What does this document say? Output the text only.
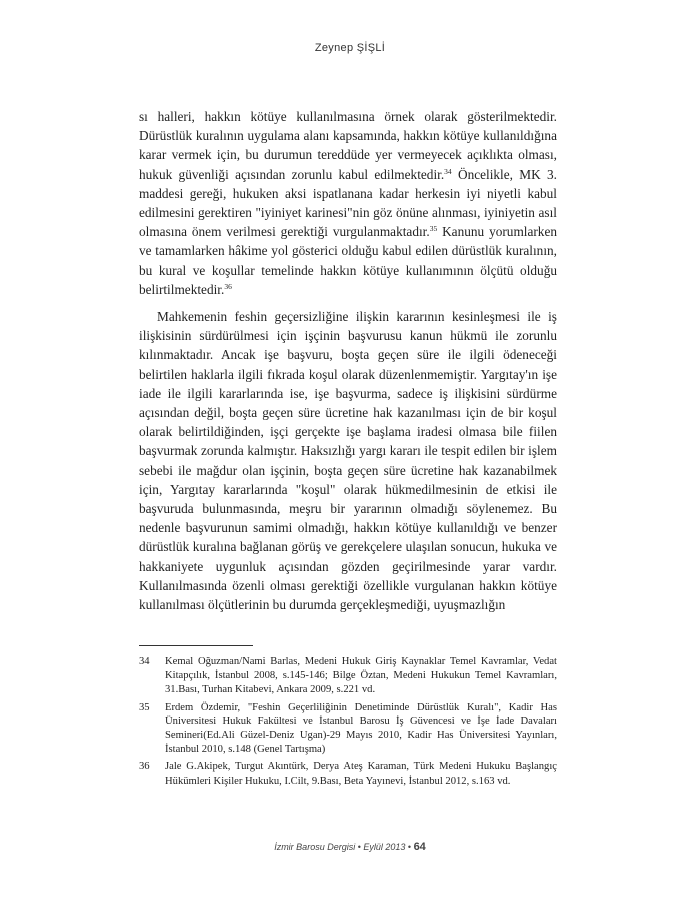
Zeynep ŞİŞLİ

sı halleri, hakkın kötüye kullanılmasına örnek olarak gösterilmektedir. Dürüstlük kuralının uygulama alanı kapsamında, hakkın kötüye kullanıldığına karar vermek için, bu durumun tereddüde yer vermeyecek açıklıkta olması, hukuk güvenliği açısından zorunlu kabul edilmektedir.$^{34}$ Öncelikle, MK 3. maddesi gereği, hukuken aksi ispatlanana kadar herkesin iyi niyetli kabul edilmesini gerektiren "iyiniyet karinesi"nin göz önüne alınması, iyiniyetin asıl olmasına önem verilmesi gerektiği vurgulanmaktadır.$^{35}$ Kanunu yorumlarken ve tamamlarken hâkime yol gösterici olduğu kabul edilen dürüstlük kuralının, bu kural ve koşullar temelinde hakkın kötüye kullanımının ölçütü olduğu belirtilmektedir.$^{36}$

Mahkemenin feshin geçersizliğine ilişkin kararının kesinleşmesi ile iş ilişkisinin sürdürülmesi için işçinin başvurusu kanun hükmü ile zorunlu kılınmaktadır. Ancak işe başvuru, boşta geçen süre ile ilgili ödeneceği belirtilen haklarla ilgili fıkrada koşul olarak düzenlenmemiştir. Yargıtay'ın işe iade ile ilgili kararlarında ise, işe başvurma, sadece iş ilişkisini sürdürme açısından değil, boşta geçen süre ücretine hak kazanılması için de bir koşul olarak belirtildiğinden, işçi gerçekte işe başlama iradesi olmasa bile fiilen başvurmak zorunda kalmıştır. Haksızlığı yargı kararı ile tespit edilen bir işlem sebebi ile mağdur olan işçinin, boşta geçen süre ücretine hak kazanabilmek için, Yargıtay kararlarında "koşul" olarak hükmedilmesinin de etkisi ile başvuruda bulunmasında, meşru bir yararının olmadığı söylenemez. Bu nedenle başvurunun samimi olmadığı, hakkın kötüye kullanıldığı ve benzer dürüstlük kuralına bağlanan görüş ve gerekçelere ulaşılan sonucun, hukuka ve hakkaniyete uygunluk açısından gözden geçirilmesinde yarar vardır. Kullanılmasında özenli olması gerektiği özellikle vurgulanan hakkın kötüye kullanılması ölçütlerinin bu durumda gerçekleşmediği, uyuşmazlığın

34	Kemal Oğuzman/Nami Barlas, Medeni Hukuk Giriş Kaynaklar Temel Kavramlar, Vedat Kitapçılık, İstanbul 2008, s.145-146; Bilge Öztan, Medeni Hukukun Temel Kavramları, 31.Bası, Turhan Kitabevi, Ankara 2009, s.221 vd.
35	Erdem Özdemir, "Feshin Geçerliliğinin Denetiminde Dürüstlük Kuralı", Kadir Has Üniversitesi Hukuk Fakültesi ve İstanbul Barosu İş Güvencesi ve İşe İade Davaları Semineri(Ed.Ali Güzel-Deniz Ugan)-29 Mayıs 2010, Kadir Has Üniversitesi Yayınları, İstanbul 2010, s.148 (Genel Tartışma)
36	Jale G.Akipek, Turgut Akıntürk, Derya Ateş Karaman, Türk Medeni Hukuku Başlangıç Hükümleri Kişiler Hukuku, I.Cilt, 9.Bası, Beta Yayınevi, İstanbul 2012, s.163 vd.
İzmir Barosu Dergisi • Eylül 2013 • 64
